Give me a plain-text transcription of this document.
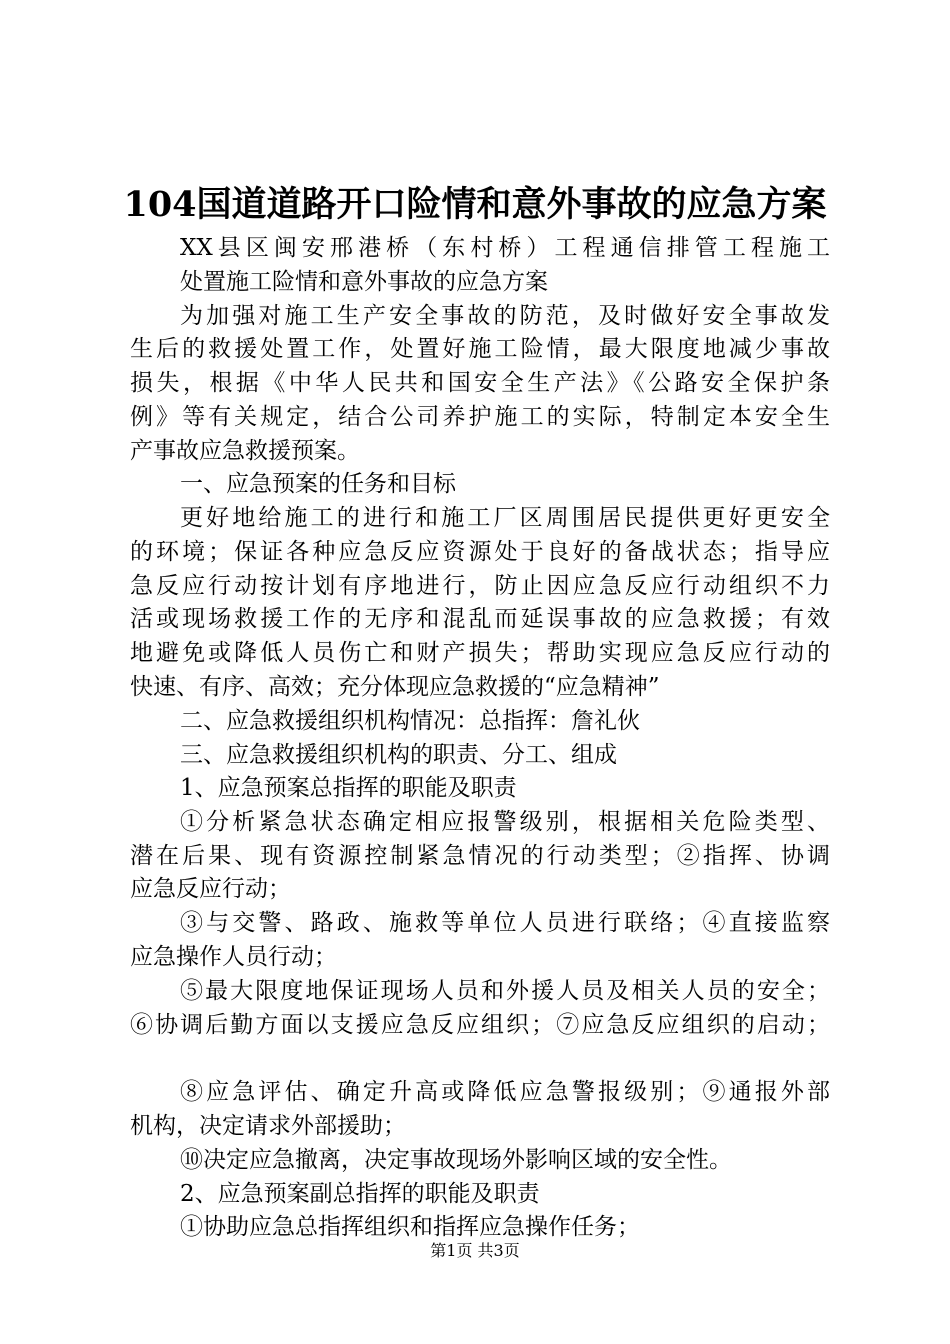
104国道道路开口险情和意外事故的应急方案
XX县区闽安邢港桥（东村桥）工程通信排管工程施工
处置施工险情和意外事故的应急方案
为加强对施工生产安全事故的防范，及时做好安全事故发
生后的救援处置工作，处置好施工险情，最大限度地减少事故
损失，根据《中华人民共和国安全生产法》《公路安全保护条
例》等有关规定，结合公司养护施工的实际，特制定本安全生
产事故应急救援预案。
一、应急预案的任务和目标
更好地给施工的进行和施工厂区周围居民提供更好更安全
的环境；保证各种应急反应资源处于良好的备战状态；指导应
急反应行动按计划有序地进行，防止因应急反应行动组织不力
活或现场救援工作的无序和混乱而延误事故的应急救援；有效
地避免或降低人员伤亡和财产损失；帮助实现应急反应行动的
快速、有序、高效；充分体现应急救援的“应急精神”
二、应急救援组织机构情况：总指挥：詹礼伙
三、应急救援组织机构的职责、分工、组成
1、应急预案总指挥的职能及职责
①分析紧急状态确定相应报警级别，根据相关危险类型、
潜在后果、现有资源控制紧急情况的行动类型；②指挥、协调
应急反应行动；
③与交警、路政、施救等单位人员进行联络；④直接监察
应急操作人员行动；
⑤最大限度地保证现场人员和外援人员及相关人员的安全；
⑥协调后勤方面以支援应急反应组织；⑦应急反应组织的启动；
⑧应急评估、确定升高或降低应急警报级别；⑨通报外部
机构，决定请求外部援助；
⑩决定应急撤离，决定事故现场外影响区域的安全性。
2、应急预案副总指挥的职能及职责
①协助应急总指挥组织和指挥应急操作任务；
第1页 共3页
